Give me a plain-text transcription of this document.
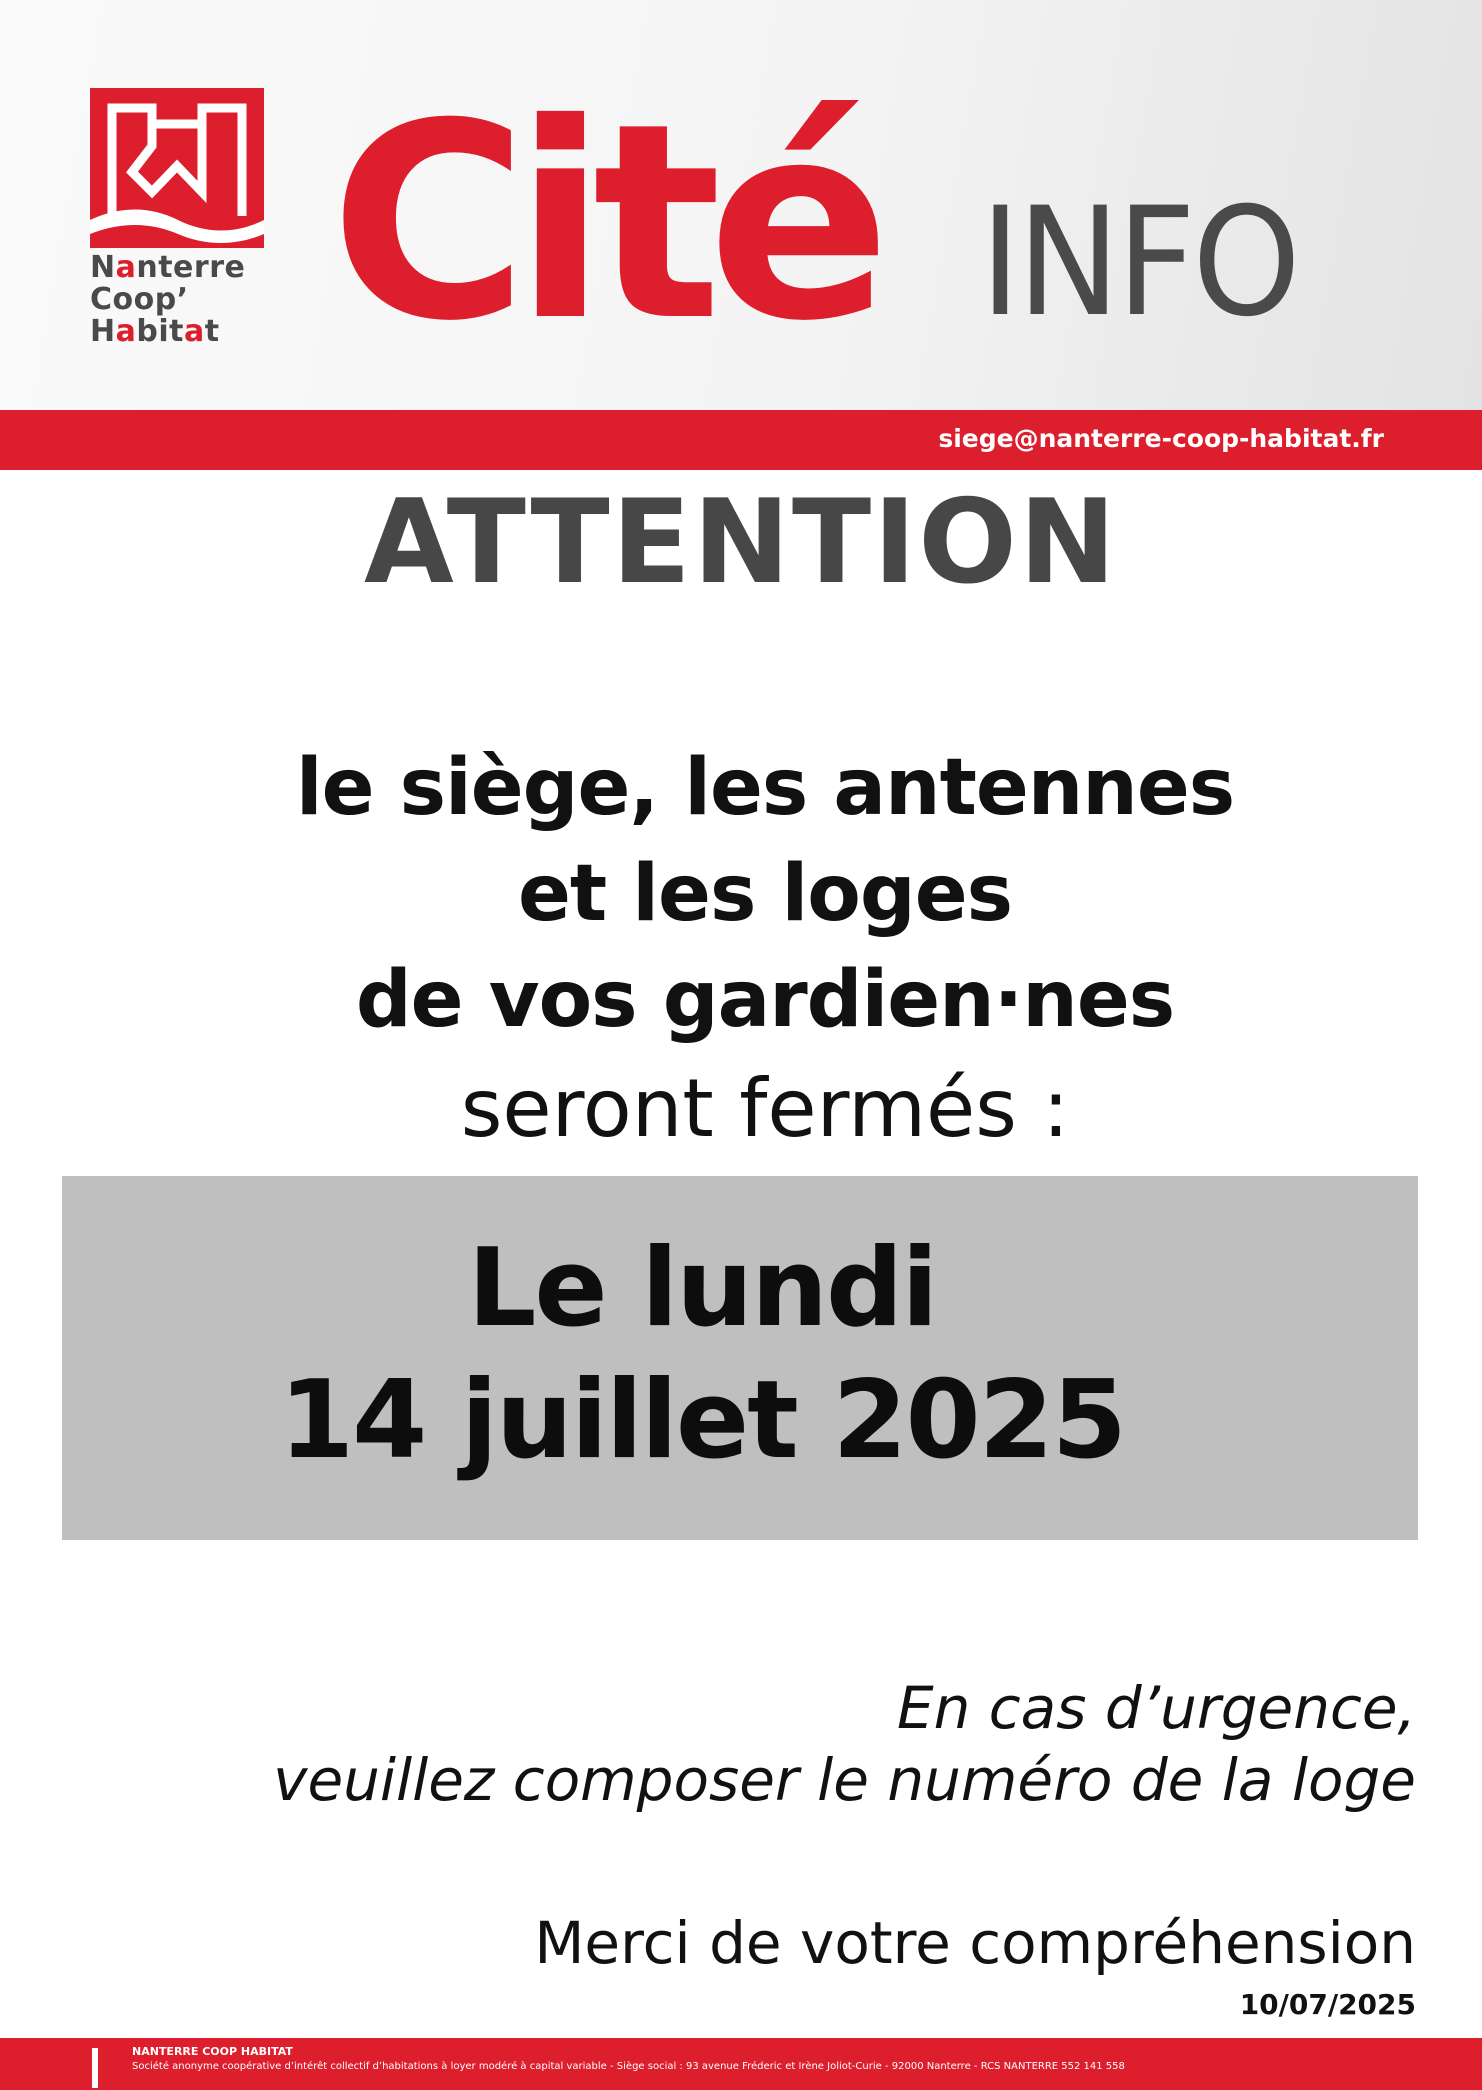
Nanterre
Coop’
Habitat Cité INFO
siege@nanterre-coop-habitat.fr
ATTENTION
le siège, les antennes
et les loges
de vos gardien·nes
seront fermés :
Le lundi
14 juillet 2025
En cas d’urgence,
veuillez composer le numéro de la loge
Merci de votre compréhension
10/07/2025
NANTERRE COOP HABITAT
Société anonyme coopérative d’intérêt collectif d’habitations à loyer modéré à capital variable - Siège social : 93 avenue Fréderic et Irène Joliot-Curie - 92000 Nanterre - RCS NANTERRE 552 141 558
